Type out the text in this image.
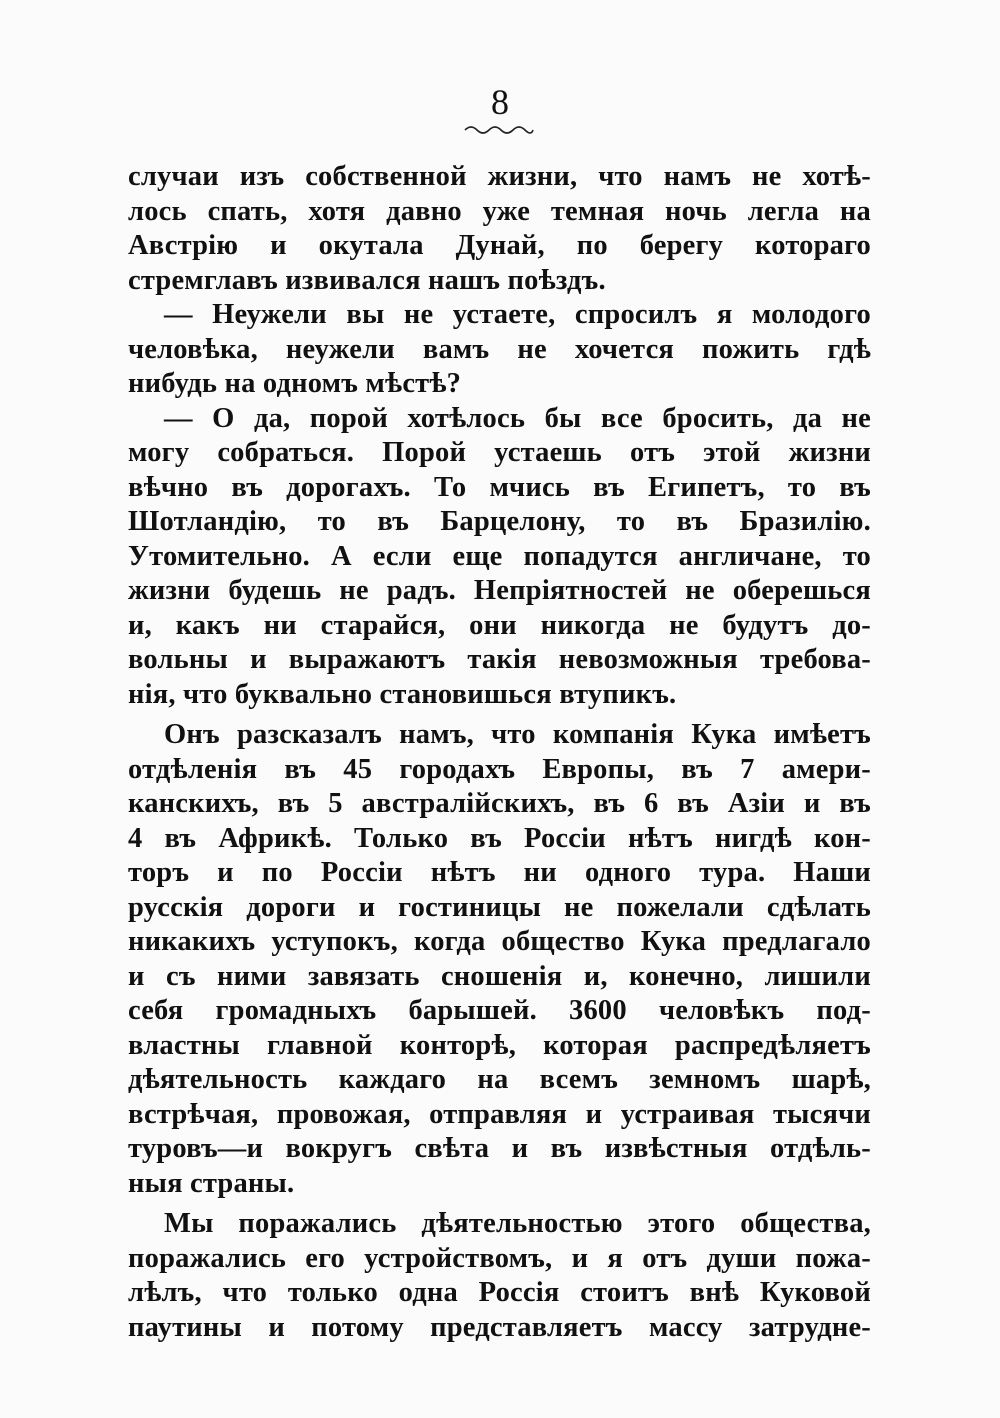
8
случаи изъ собственной жизни, что намъ не хотѣ-
лось спать, хотя давно уже темная ночь легла на
Австрію и окутала Дунай, по берегу котораго
стремглавъ извивался нашъ поѣздъ.
— Неужели вы не устаете, спросилъ я молодого
человѣка, неужели вамъ не хочется пожить гдѣ
нибудь на одномъ мѣстѣ?
— О да, порой хотѣлось бы все бросить, да не
могу собраться. Порой устаешь отъ этой жизни
вѣчно въ дорогахъ. То мчись въ Египетъ, то въ
Шотландію, то въ Барцелону, то въ Бразилію.
Утомительно. А если еще попадутся англичане, то
жизни будешь не радъ. Непріятностей не оберешься
и, какъ ни старайся, они никогда не будутъ до-
вольны и выражаютъ такія невозможныя требова-
нія, что буквально становишься втупикъ.
Онъ разсказалъ намъ, что компанія Кука имѣетъ
отдѣленія въ 45 городахъ Европы, въ 7 амери-
канскихъ, въ 5 австралійскихъ, въ 6 въ Азіи и въ
4 въ Африкѣ. Только въ Россіи нѣтъ нигдѣ кон-
торъ и по Россіи нѣтъ ни одного тура. Наши
русскія дороги и гостиницы не пожелали сдѣлать
никакихъ уступокъ, когда общество Кука предлагало
и съ ними завязать сношенія и, конечно, лишили
себя громадныхъ барышей. 3600 человѣкъ под-
властны главной конторѣ, которая распредѣляетъ
дѣятельность каждаго на всемъ земномъ шарѣ,
встрѣчая, провожая, отправляя и устраивая тысячи
туровъ—и вокругъ свѣта и въ извѣстныя отдѣль-
ныя страны.
Мы поражались дѣятельностью этого общества,
поражались его устройствомъ, и я отъ души пожа-
лѣлъ, что только одна Россія стоитъ внѣ Куковой
паутины и потому представляетъ массу затрудне-
